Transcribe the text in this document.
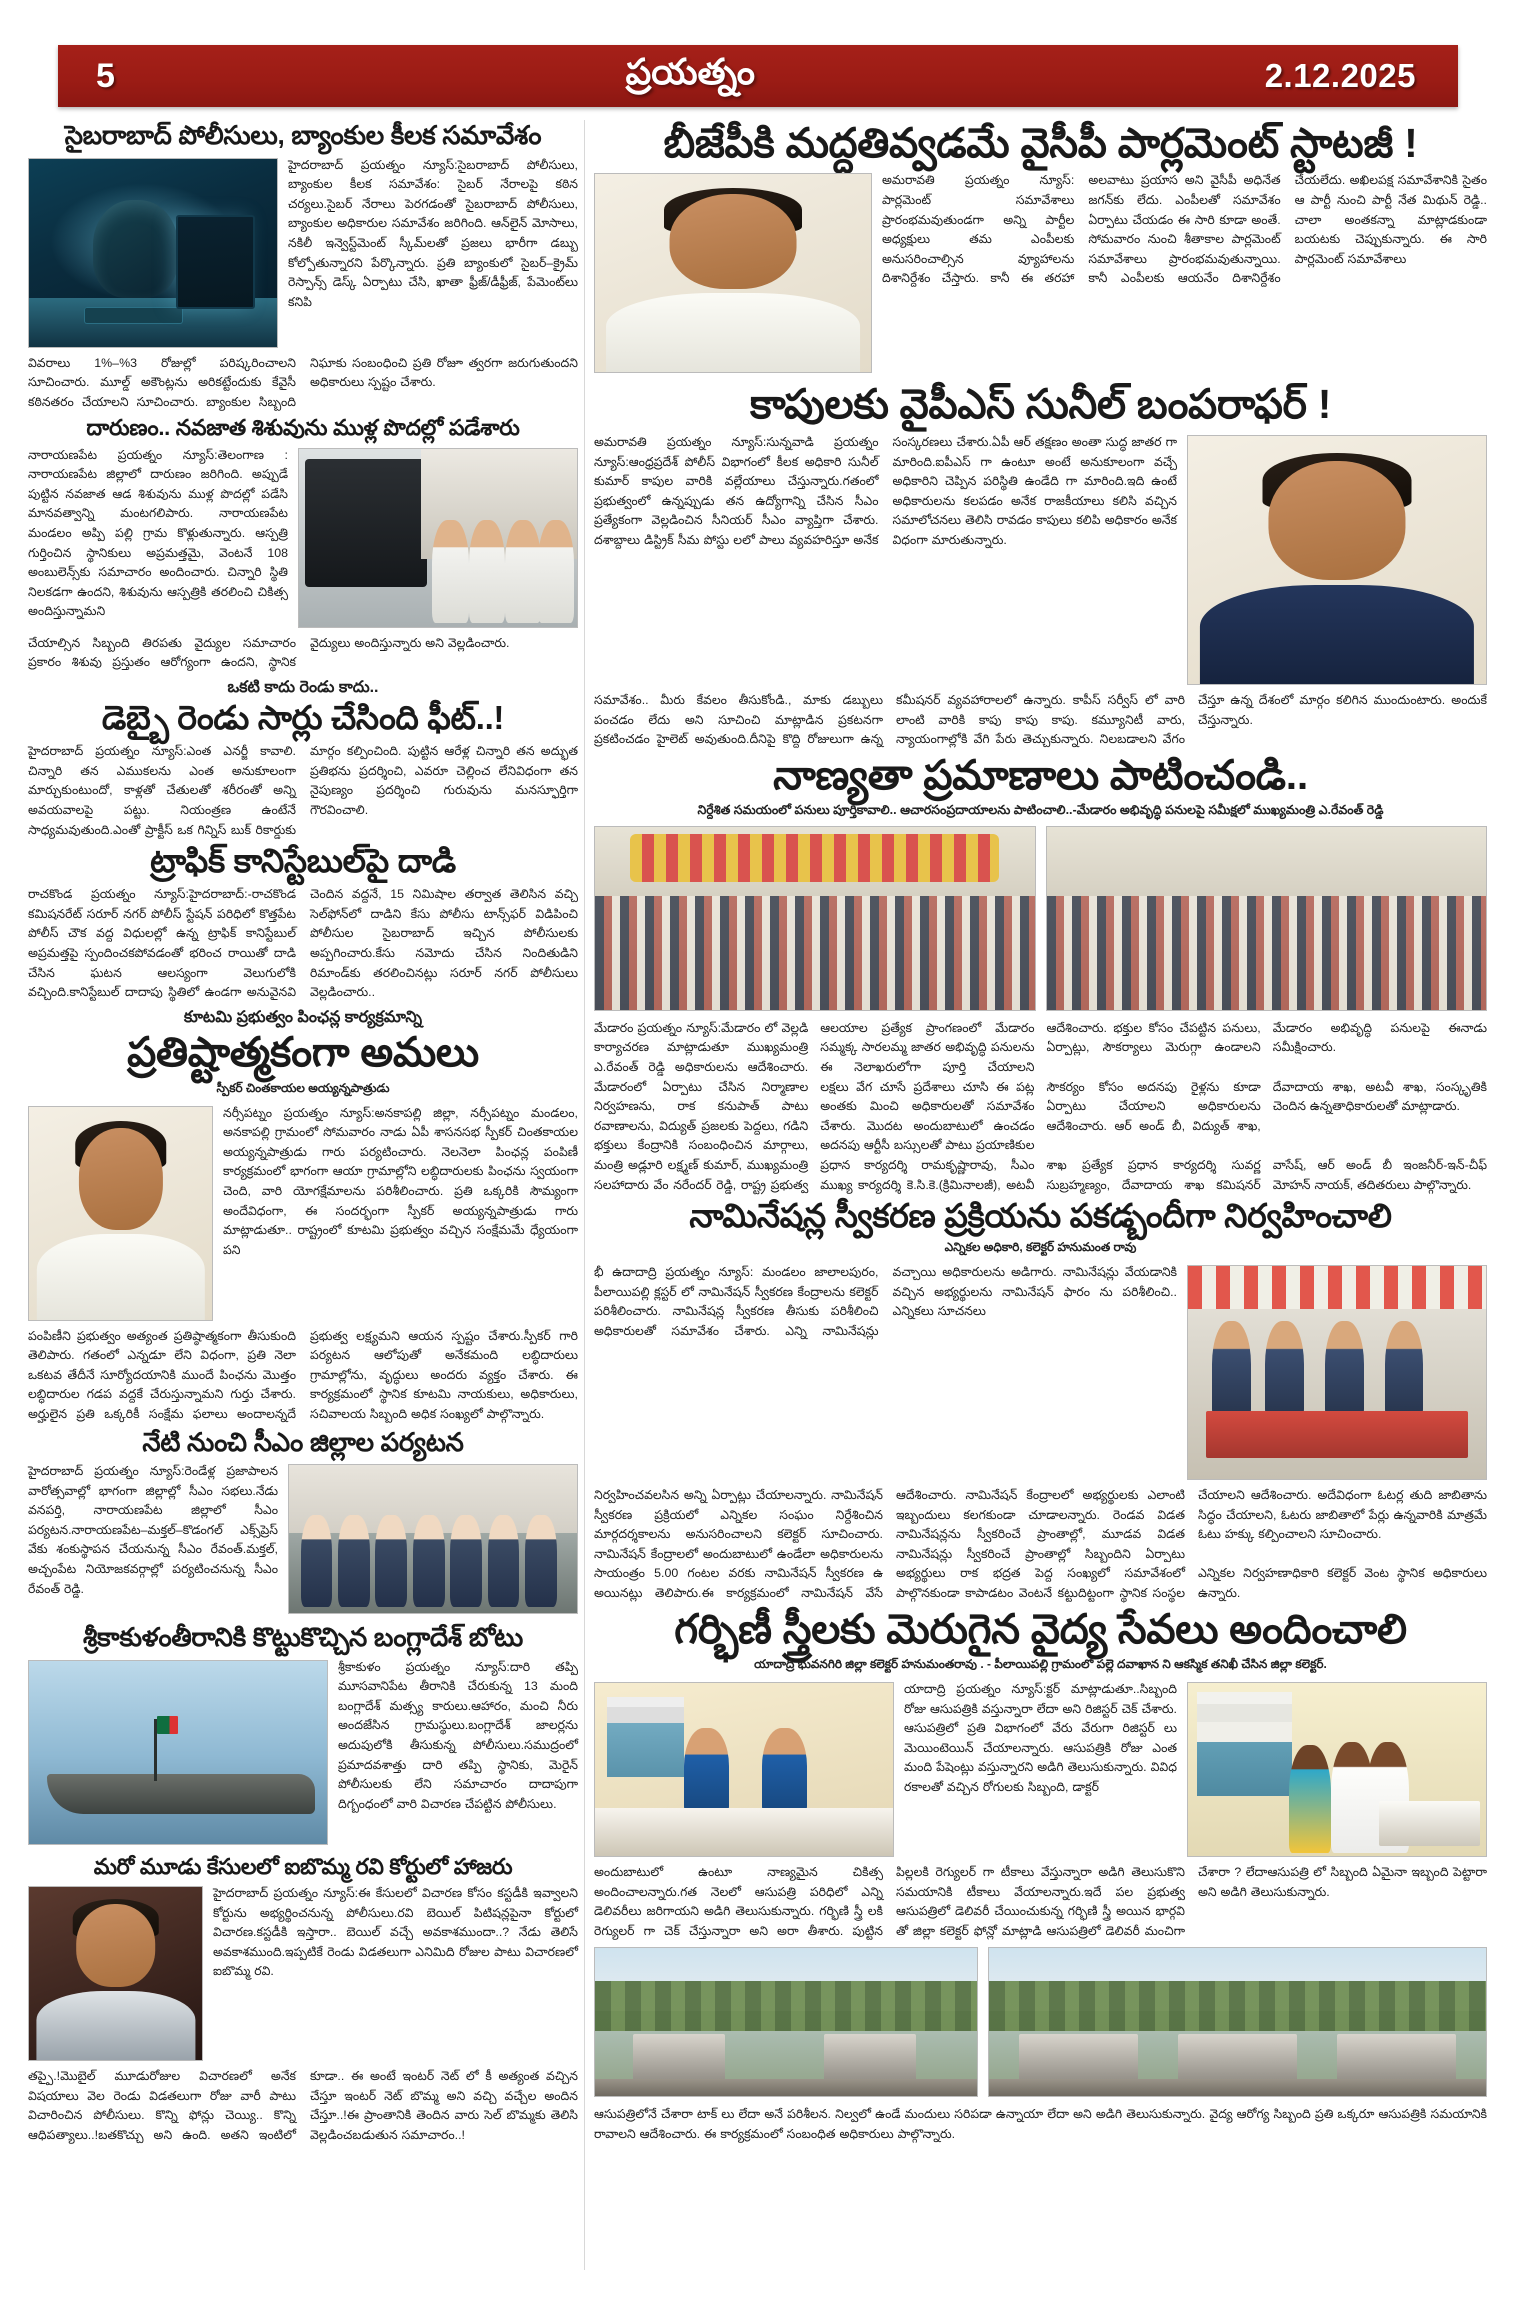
5	ప్రయత్నం	2.12.2025
సైబరాబాద్ పోలీసులు, బ్యాంకుల కీలక సమావేశం
హైదరాబాద్ ప్రయత్నం న్యూస్:సైబరాబాద్ పోలీసులు, బ్యాంకుల కీలక సమావేశం: సైబర్ నేరాలపై కఠిన చర్యలు.సైబర్ నేరాలు పెరగడంతో సైబరాబాద్ పోలీసులు, బ్యాంకుల అధికారుల సమావేశం జరిగింది. ఆన్‌లైన్ మోసాలు, నకిలీ ఇన్వెస్ట్‌మెంట్ స్కీమ్‌లతో ప్రజలు భారీగా డబ్బు కోల్పోతున్నారని పేర్కొన్నారు. ప్రతి బ్యాంకులో సైబర్–క్రైమ్ రెస్పాన్స్ డెస్క్ ఏర్పాటు చేసి, ఖాతా ఫ్రీజ్/డీఫ్రీజ్, పేమెంట్‌లు కనిపి
వివరాలు 1%–%3 రోజుల్లో పరిష్కరించాలని సూచించారు. మూల్డ్ అకౌంట్లను అరికట్టేందుకు కేవైసీ కఠినతరం చేయాలని సూచించారు. బ్యాంకుల సిబ్బంది నిఘాకు సంబంధించి ప్రతి రోజూ త్వరగా జరుగుతుందని అధికారులు స్పష్టం చేశారు.
దారుణం.. నవజాత శిశువును ముళ్ల పొదల్లో పడేశారు
నారాయణపేట ప్రయత్నం న్యూస్:తెలంగాణ : నారాయణపేట జిల్లాలో దారుణం జరిగింది. అప్పుడే పుట్టిన నవజాత ఆడ శిశువును ముళ్ల పొదల్లో పడేసి మానవత్వాన్ని మంటగలిపారు. నారాయణపేట మండలం అప్పి పల్లి గ్రామ కొళ్లుతున్నారు. ఆస్పత్రి గుర్తించిన స్థానికులు అప్రమత్తమై, వెంటనే 108 అంబులెన్స్‌కు సమాచారం అందించారు. చిన్నారి స్థితి నిలకడగా ఉందని, శిశువును ఆస్పత్రికి తరలించి చికిత్స అందిస్తున్నామని
చేయాల్సిన సిబ్బంది తిరపతు వైద్యుల సమాచారం ప్రకారం శిశువు ప్రస్తుతం ఆరోగ్యంగా ఉందని, స్థానిక వైద్యులు అందిస్తున్నారు అని వెల్లడించారు.
ఒకటి కాదు రెండు కాదు..
డెబ్బై రెండు సార్లు చేసింది ఫీట్..!
హైదరాబాద్ ప్రయత్నం న్యూస్:ఎంత ఎనర్జీ కావాలి. చిన్నారి తన ఎముకలను ఎంత అనుకూలంగా మార్చుకుంటుందో, కాళ్లతో చేతులతో శరీరంతో అన్ని అవయవాలపై పట్టు. నియంత్రణ ఉంటేనే సాధ్యమవుతుంది.ఎంతో ప్రాక్టీస్ ఒక గిన్నిస్ బుక్ రికార్డుకు మార్గం కల్పించింది. పుట్టిన ఆరేళ్ల చిన్నారి తన అద్భుత ప్రతిభను ప్రదర్శించి, ఎవరూ చెల్లించ లేనివిధంగా తన నైపుణ్యం ప్రదర్శించి గురువును మనస్ఫూర్తిగా గౌరవించాలి.
ట్రాఫిక్ కానిస్టేబుల్‌పై దాడి
రాచకొండ ప్రయత్నం న్యూస్:హైదరాబాద్:-రాచకొండ కమిషనరేట్ సరూర్ నగర్ పోలీస్ స్టేషన్ పరిధిలో కొత్తపేట పోలీస్ చౌక వద్ద విధులల్లో ఉన్న ట్రాఫిక్ కానిస్టేబుల్ అప్రమత్తపై స్పందించకపోవడంతో భరించ రాయితో దాడి చేసిన ఘటన ఆలస్యంగా వెలుగులోకి వచ్చింది.కానిస్టేబుల్ దాదాపు స్థితిలో ఉండగా అనువైనవి చెందిన వద్దనే, 15 నిమిషాల తర్వాత తెలిసిన వచ్చి సెల్‌ఫోన్‌లో దాడిని కేసు పోలీసు టాన్స్‌ఫర్ విడిపించి పోలీసుల సైబరాబాద్ ఇచ్చిన పోలీసులకు అప్పగించారు.కేసు నమోదు చేసిన నిందితుడిని రిమాండ్‌కు తరలించినట్లు సరూర్ నగర్ పోలీసులు వెల్లడించారు..
కూటమి ప్రభుత్వం పింఛన్ల కార్యక్రమాన్ని
ప్రతిష్టాత్మకంగా అమలు
స్పీకర్ చింతకాయల అయ్యన్నపాత్రుడు
నర్సీపట్నం ప్రయత్నం న్యూస్:అనకాపల్లి జిల్లా, నర్సీపట్నం మండలం, అనకాపల్లి గ్రామంలో సోమవారం నాడు ఏపీ శాసనసభ స్పీకర్ చింతకాయల అయ్యన్నపాత్రుడు గారు పర్యటించారు. నెలనెలా పింఛన్ల పంపిణీ కార్యక్రమంలో భాగంగా ఆయా గ్రామాల్లోని లబ్ధిదారులకు పింఛను స్వయంగా చెంది, వారి యోగక్షేమాలను పరిశీలించారు. ప్రతి ఒక్కరికి సౌమ్యంగా అందేవిధంగా, ఈ సందర్భంగా స్పీకర్ అయ్యన్నపాత్రుడు గారు మాట్లాడుతూ.. రాష్ట్రంలో కూటమి ప్రభుత్వం వచ్చిన సంక్షేమమే ధ్యేయంగా పని
పంపిణీని ప్రభుత్వం అత్యంత ప్రతిష్ఠాత్మకంగా తీసుకుంది తెలిపారు. గతంలో ఎన్నడూ లేని విధంగా, ప్రతి నెలా ఒకటవ తేదీనే సూర్యోదయానికి ముందే పింఛను మొత్తం లబ్ధిదారుల గడప వద్దకే చేరుస్తున్నామని గుర్తు చేశారు. అర్హులైన ప్రతి ఒక్కరికీ సంక్షేమ ఫలాలు అందాలన్నదే ప్రభుత్వ లక్ష్యమని ఆయన స్పష్టం చేశారు.స్పీకర్ గారి పర్యటన ఆలోపుతో అనేకమంది లబ్ధిదారులు గ్రామాల్లోను, వృద్ధులు అందరు వ్యక్తం చేశారు. ఈ కార్యక్రమంలో స్థానిక కూటమి నాయకులు, అధికారులు, సచివాలయ సిబ్బంది అధిక సంఖ్యలో పాల్గొన్నారు.
నేటి నుంచి సీఎం జిల్లాల పర్యటన
హైదరాబాద్ ప్రయత్నం న్యూస్:రెండేళ్ల ప్రజాపాలన వారోత్సవాల్లో భాగంగా జిల్లాల్లో సీఎం సభలు.నేడు వనపర్తి, నారాయణపేట జిల్లాలో సీఎం పర్యటన.నారాయణపేట–మక్తల్–కొడంగల్ ఎక్స్‌ప్రెస్ వేకు శంకుస్థాపన చేయనున్న సీఎం రేవంత్.మక్తల్, అచ్చంపేట నియోజకవర్గాల్లో పర్యటించనున్న సీఎం రేవంత్ రెడ్డి.
శ్రీకాకుళంతీరానికి కొట్టుకొచ్చిన బంగ్లాదేశ్ బోటు
శ్రీకాకుళం ప్రయత్నం న్యూస్:దారి తప్పి మూసవానిపేట తీరానికి చేరుకున్న 13 మంది బంగ్లాదేశ్ మత్స్య కారులు.ఆహారం, మంచి నీరు అందజేసిన గ్రామస్థులు.బంగ్లాదేశ్ జాలర్లను అదుపులోకి తీసుకున్న పోలీసులు.సముద్రంలో ప్రమాదవశాత్తు దారి తప్పి స్థానికు, మెరైన్ పోలీసులకు లేని సమాచారం దాదాపుగా దిగ్బంధంలో వారి విచారణ చేపట్టిన పోలీసులు.
మరో మూడు కేసులలో ఐబొమ్మ రవి కోర్టులో హాజరు
హైదరాబాద్ ప్రయత్నం న్యూస్:ఈ కేసులలో విచారణ కోసం కస్టడీకి ఇవ్వాలని కోర్టును అభ్యర్థించనున్న పోలీసులు.రవి బెయిల్ పిటిషన్లపైనా కోర్టులో విచారణ.కస్టడీకి ఇస్తారా.. బెయిల్ వచ్చే అవకాశముందా..? నేడు తెలిసే అవకాశముంది.ఇప్పటికే రెండు విడతలుగా ఎనిమిది రోజుల పాటు విచారణలో ఐబొమ్మ రవి.
తప్పై.!మొబైల్ మూడురోజుల విచారణలో అనేక విషయాలు వెల రెండు విడతలుగా రోజు వారీ పాటు విచారించిన పోలీసులు. కొన్ని ఫోన్లు చెయ్యి.. కొన్ని ఆధిపత్యాలు..!బతకొచ్చు అని ఉంది. అతని ఇంటిలో కూడా.. ఈ అంటే ఇంటర్ నెట్ లో కీ అత్యంత వచ్చిన చేస్తూ ఇంటర్ నెట్ బొమ్మ అని వచ్చి వచ్చేల అందిన చేస్తూ..!ఈ ప్రాంతానికి తెందిన వారు సెల్ బొమ్మకు తెలిసి వెల్లడించబడుతున సమాచారం..!
బీజేపీకి మద్దతివ్వడమే వైసీపీ పార్లమెంట్ స్టాటజీ !
అమరావతి ప్రయత్నం న్యూస్: పార్లమెంట్ సమావేశాలు ప్రారంభమవుతుండగా అన్ని పార్టీల అధ్యక్షులు తమ ఎంపీలకు అనుసరించాల్సిన వ్యూహాలను దిశానిర్దేశం చేస్తారు. కానీ ఈ తరహా అలవాటు ప్రయాస అని వైసీపీ అధినేత జగన్‌కు లేదు. ఎంపీలతో సమావేశం ఏర్పాటు చేయడం ఈ సారి కూడా అంతే. సోమవారం నుంచి శీతాకాల పార్లమెంట్ సమావేశాలు ప్రారంభమవుతున్నాయి. కానీ ఎంపీలకు ఆయనేం దిశానిర్దేశం చేయలేదు. అఖిలపక్ష సమావేశానికి సైతం ఆ పార్టీ నుంచి పార్టీ నేత మిథున్ రెడ్డి.. చాలా అంతకన్నా మాట్లాడకుండా బయటకు చెప్పుకున్నారు. ఈ సారి పార్లమెంట్ సమావేశాలు
కాపులకు వైపీఎస్ సునీల్ బంపరాఫర్ !
అమరావతి ప్రయత్నం న్యూస్:సున్నవాడి ప్రయత్నం న్యూస్:ఆంధ్రప్రదేశ్ పోలీస్ విభాగంలో కీలక అధికారి సునీల్ కుమార్ కాపుల వారికి వల్లేయాలు చేస్తున్నారు.గతంలో ప్రభుత్వంలో ఉన్నప్పుడు తన ఉద్యోగాన్ని చేసిన సీఎం ప్రత్యేకంగా వెల్లడించిన సీనియర్ సీఎం వ్యాప్తిగా చేశారు. దశాబ్దాలు డిస్ట్రిక్ సీమ పోస్టు లలో పాలు వ్యవహరిస్తూ అనేక సంస్కరణలు చేశారు.ఏపీ ఆర్ తక్షణం అంతా సుద్ధ జాతర గా మారింది.ఐపీఎస్ గా ఉంటూ అంటే అనుకూలంగా వచ్చే అధికారిని చెప్పిన పరిస్థితి ఉండేది గా మారింది.ఇది ఉంటే అధికారులను కలపడం అనేక రాజకీయాలు కలిసి వచ్చిన సమాలోచనలు తెలిసి రావడం కాపులు కలిపి అధికారం అనేక విధంగా మారుతున్నారు.
సమావేశం.. మీరు కేవలం తీసుకోండి., మాకు డబ్బులు పంచడం లేదు అని సూచించి మాట్లాడిన ప్రకటనగా ప్రకటించడం హైలెట్ అవుతుంది.దీనిపై కొద్ది రోజులుగా ఉన్న కమీషనర్ వ్యవహారాలలో ఉన్నారు. కాపీస్ సర్వీస్ లో వారి లాంటి వారికి కాపు కాపు కాపు. కమ్యూనిటీ వారు, న్యాయంగాల్లోకి వేగి పేరు తెచ్చుకున్నారు. నిలబడాలని వేగం చేస్తూ ఉన్న దేశంలో మార్గం కలిగిన ముందుంటారు. అందుకే చేస్తున్నారు.
నాణ్యతా ప్రమాణాలు పాటించండి..
నిర్దేశిత సమయంలో పనులు పూర్తికావాలి.. ఆచారసంప్రదాయాలను పాటించాలి..-మేడారం అభివృద్ధి పనులపై సమీక్షలో ముఖ్యమంత్రి ఎ.రేవంత్ రెడ్డి
మేడారం ప్రయత్నం న్యూస్:మేడారం లో వెల్లడి కార్యాచరణ మాట్లాడుతూ ముఖ్యమంత్రి ఎ.రేవంత్ రెడ్డి అధికారులను ఆదేశించారు. ఆలయాల ప్రత్యేక ప్రాంగణంలో మేడారం సమ్మక్క సారలమ్మ జాతర అభివృద్ధి పనులను ఈ నెలాఖరులోగా పూర్తి చేయాలని ఆదేశించారు. భక్తుల కోసం చేపట్టిన పనులు, ఏర్పాట్లు, సౌకర్యాలు మెరుగ్గా ఉండాలని మేడారం అభివృద్ధి పనులపై ఈనాడు సమీక్షించారు.
మేడారంలో ఏర్పాటు చేసిన నిర్మాణాల నిర్వహణను, రాక కనుపాత్ పాటు రవాణాలను, విద్యుత్ ప్రజలకు పెద్దలు, గడిని భక్తులు కేంద్రానికి సంబంధించిన మార్గాలు, లక్షలు వేగ చూసే ప్రదేశాలు చూసి ఈ పట్ల అంతకు మించి అధికారులతో సమావేశం చేశారు. మొదట అందుబాటులో ఉంచడం అదనపు ఆర్టీసీ బస్సులతో పాటు ప్రయాణికుల సౌకర్యం కోసం అదనపు రైళ్లను కూడా ఏర్పాటు చేయాలని అధికారులను ఆదేశించారు. ఆర్ అండ్ బీ, విద్యుత్ శాఖ, దేవాదాయ శాఖ, అటవీ శాఖ, సంస్కృతికి చెందిన ఉన్నతాధికారులతో మాట్లాడారు.
మంత్రి అడ్లూరి లక్ష్మణ్ కుమార్, ముఖ్యమంత్రి సలహాదారు వేం నరేందర్ రెడ్డి, రాష్ట్ర ప్రభుత్వ ప్రధాన కార్యదర్శి రామకృష్ణారావు, సీఎం ముఖ్య కార్యదర్శి కె.సి.కె.(క్రిమినాలజీ), అటవీ శాఖ ప్రత్యేక ప్రధాన కార్యదర్శి సువర్ణ సుబ్రహ్మణ్యం, దేవాదాయ శాఖ కమిషనర్ వాసేష్, ఆర్ అండ్ బీ ఇంజనీర్-ఇన్-చీఫ్ మోహన్ నాయక్, తదితరులు పాల్గొన్నారు.
నామినేషన్ల స్వీకరణ ప్రక్రియను పకడ్బందీగా నిర్వహించాలి
ఎన్నికల అధికారి, కలెక్టర్ హనుమంత రావు
భీ ఉదాదాద్రి ప్రయత్నం న్యూస్: మండలం జాలాలపురం, పీలాయిపల్లి క్లస్టర్ లో నామినేషన్ స్వీకరణ కేంద్రాలను కలెక్టర్ పరిశీలించారు. నామినేషన్ల స్వీకరణ తీసుకు పరిశీలించి అధికారులతో సమావేశం చేశారు. ఎన్ని నామినేషన్లు వచ్చాయి అధికారులను అడిగారు. నామినేషన్లు వేయడానికి వచ్చిన అభ్యర్థులను నామినేషన్ ఫారం ను పరిశీలించి.. ఎన్నికలు సూచనలు
నిర్వహించవలసిన అన్ని ఏర్పాట్లు చేయాలన్నారు. నామినేషన్ స్వీకరణ ప్రక్రియలో ఎన్నికల సంఘం నిర్దేశించిన మార్గదర్శకాలను అనుసరించాలని కలెక్టర్ సూచించారు. నామినేషన్ కేంద్రాలలో అందుబాటులో ఉండేలా అధికారులను ఆదేశించారు. నామినేషన్ కేంద్రాలలో అభ్యర్థులకు ఎలాంటి ఇబ్బందులు కలగకుండా చూడాలన్నారు. రెండవ విడత నామినేషన్లను స్వీకరించే ప్రాంతాల్లో, మూడవ విడత నామినేషన్లు స్వీకరించే ప్రాంతాల్లో సిబ్బందిని ఏర్పాటు చేయాలని ఆదేశించారు. అదేవిధంగా ఓటర్ల తుది జాబితాను సిద్ధం చేయాలని, ఓటరు జాబితాలో పేర్లు ఉన్నవారికి మాత్రమే ఓటు హక్కు కల్పించాలని సూచించారు.
సాయంత్రం 5.00 గంటల వరకు నామినేషన్ స్వీకరణ ఉ అయినట్లు తెలిపారు.ఈ కార్యక్రమంలో నామినేషన్ వేసే అభ్యర్థులు రాక భద్రత పెద్ద సంఖ్యలో సమావేశంలో పాల్గొనకుండా కాపాడటం వెంటనే కట్టుదిట్టంగా స్థానిక సంస్థల ఎన్నికల నిర్వహణాధికారి కలెక్టర్ వెంట స్థానిక అధికారులు ఉన్నారు.
గర్భిణీ స్త్రీలకు మెరుగైన వైద్య సేవలు అందించాలి
యాదాద్రి భువనగిరి జిల్లా కలెక్టర్ హనుమంతరావు . - పీలాయిపల్లి గ్రామంలో పల్లె దవాఖాన ని ఆకస్మిక తనిఖీ చేసిన జిల్లా కలెక్టర్.
యాదాద్రి ప్రయత్నం న్యూస్:క్టర్ మాట్లాడుతూ..సిబ్బంది రోజు ఆసుపత్రికి వస్తున్నారా లేదా అని రిజిస్టర్ చెక్ చేశారు. ఆసుపత్రిలో ప్రతి విభాగంలో వేరు వేరుగా రిజిస్టర్ లు మెయింటెయిన్ చేయాలన్నారు. ఆసుపత్రికి రోజు ఎంత మంది పేషెంట్లు వస్తున్నారని అడిగి తెలుసుకున్నారు. వివిధ రకాలతో వచ్చిన రోగులకు సిబ్బంది, డాక్టర్
అందుబాటులో ఉంటూ నాణ్యమైన చికిత్స అందించాలన్నారు.గత నెలలో ఆసుపత్రి పరిధిలో ఎన్ని డెలివరీలు జరిగాయని అడిగి తెలుసుకున్నారు. గర్భిణి స్త్రీ లకి రెగ్యులర్ గా చెక్ చేస్తున్నారా అని అరా తీశారు. పుట్టిన పిల్లలకి రెగ్యులర్ గా టీకాలు వేస్తున్నారా అడిగి తెలుసుకొని సమయానికి టీకాలు వేయాలన్నారు.ఇదే పల ప్రభుత్వ ఆసుపత్రిలో డెలివరీ చేయించుకున్న గర్భిణి స్త్రీ అయిన భార్గవి తో జిల్లా కలెక్టర్ ఫోన్లో మాట్లాడి ఆసుపత్రిలో డెలివరీ మంచిగా చేశారా ? లేదాఆసుపత్రి లో సిబ్బంది ఏమైనా ఇబ్బంది పెట్టారా అని అడిగి తెలుసుకున్నారు.
ఆసుపత్రిలోనే చేశారా టాక్ లు లేదా అనే పరిశీలన. నిల్వలో ఉండే మందులు సరిపడా ఉన్నాయా లేదా అని అడిగి తెలుసుకున్నారు. వైద్య ఆరోగ్య సిబ్బంది ప్రతి ఒక్కరూ ఆసుపత్రికి సమయానికి రావాలని ఆదేశించారు. ఈ కార్యక్రమంలో సంబంధిత అధికారులు పాల్గొన్నారు.
